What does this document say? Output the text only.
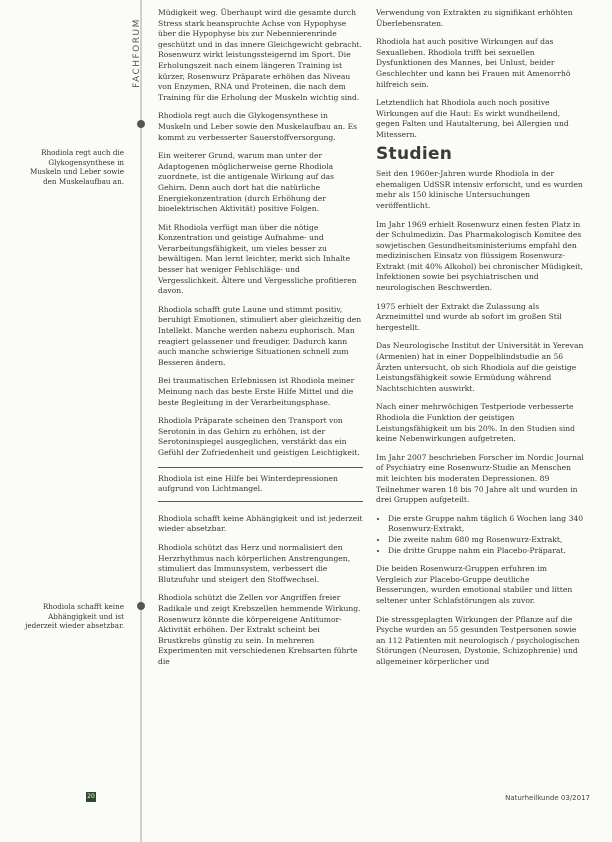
FACHFORUM
Rhodiola regt auch die Glykogensynthese in Muskeln und Leber sowie den Muskelaufbau an.
Rhodiola schafft keine Abhängigkeit und ist jederzeit wieder absetzbar.

Müdigkeit weg. Überhaupt wird die gesamte durch Stress stark beanspruchte Achse von Hypophyse über die Hypophyse bis zur Nebennierenrinde geschützt und in das innere Gleichgewicht gebracht. Rosenwurz wirkt leistungssteigernd im Sport. Die Erholungszeit nach einem längeren Training ist kürzer, Rosenwurz Präparate erhöhen das Niveau von Enzymen, RNA und Proteinen, die nach dem Training für die Erholung der Muskeln wichtig sind.

Rhodiola regt auch die Glykogensynthese in Muskeln und Leber sowie den Muskelaufbau an. Es kommt zu verbesserter Sauerstoffversorgung.

Ein weiterer Grund, warum man unter der Adaptogenen möglicherweise gerne Rhodiola zuordnete, ist die antigenale Wirkung auf das Gehirn. Denn auch dort hat die natürliche Energiekonzentration (durch Erhöhung der bioelektrischen Aktivität) positive Folgen.

Mit Rhodiola verfügt man über die nötige Konzentration und geistige Aufnahme- und Verarbeitungsfähigkeit, um vieles besser zu bewältigen. Man lernt leichter, merkt sich Inhalte besser hat weniger Fehlschläge- und Vergesslichkeit. Ältere und Vergessliche profitieren davon.

Rhodiola schafft gute Laune und stimmt positiv, beruhigt Emotionen, stimuliert aber gleichzeitig den Intellekt. Manche werden nahezu euphorisch. Man reagiert gelassener und freudiger. Dadurch kann auch manche schwierige Situationen schnell zum Besseren ändern.

Bei traumatischen Erlebnissen ist Rhodiola meiner Meinung nach das beste Erste Hilfe Mittel und die beste Begleitung in der Verarbeitungsphase.

Rhodiola Präparate scheinen den Transport von Serotonin in das Gehirn zu erhöhen, ist der Serotoninspiegel ausgeglichen, verstärkt das ein Gefühl der Zufriedenheit und geistigen Leichtigkeit.

Rhodiola ist eine Hilfe bei Winterdepressionen aufgrund von Lichtmangel.

Rhodiola schafft keine Abhängigkeit und ist jederzeit wieder absetzbar.

Rhodiola schützt das Herz und normalisiert den Herzrhythmus nach körperlichen Anstrengungen, stimuliert das Immunsystem, verbessert die Blutzufuhr und steigert den Stoffwechsel.

Rhodiola schützt die Zellen vor Angriffen freier Radikale und zeigt Krebszellen hemmende Wirkung. Rosenwurz könnte die körpereigene Antitumor-Aktivität erhöhen. Der Extrakt scheint bei Brustkrebs günstig zu sein. In mehreren Experimenten mit verschiedenen Krebsarten führte die

Verwendung von Extrakten zu signifikant erhöhten Überlebensraten.

Rhodiola hat auch positive Wirkungen auf das Sexualleben. Rhodiola trifft bei sexuellen Dysfunktionen des Mannes, bei Unlust, beider Geschlechter und kann bei Frauen mit Amenorrhö hilfreich sein.

Letztendlich hat Rhodiola auch noch positive Wirkungen auf die Haut: Es wirkt wundheilend, gegen Falten und Hautalterung, bei Allergien und Mitessern.

Studien

Seit den 1960er-Jahren wurde Rhodiola in der ehemaligen UdSSR intensiv erforscht, und es wurden mehr als 150 klinische Untersuchungen veröffentlicht.

Im Jahr 1969 erhielt Rosenwurz einen festen Platz in der Schulmedizin. Das Pharmakologisch Komitee des sowjetischen Gesundheitsministeriums empfahl den medizinischen Einsatz von flüssigem Rosenwurz-Extrakt (mit 40% Alkohol) bei chronischer Müdigkeit, Infektionen sowie bei psychiatrischen und neurologischen Beschwerden.

1975 erhielt der Extrakt die Zulassung als Arzneimittel und wurde ab sofort im großen Stil hergestellt.

Das Neurologische Institut der Universität in Yerevan (Armenien) hat in einer Doppelblindstudie an 56 Ärzten untersucht, ob sich Rhodiola auf die geistige Leistungsfähigkeit sowie Ermüdung während Nachtschichten auswirkt.

Nach einer mehrwöchigen Testperiode verbesserte Rhodiola die Funktion der geistigen Leistungsfähigkeit um bis 20%. In den Studien sind keine Nebenwirkungen aufgetreten.

Im Jahr 2007 beschrieben Forscher im Nordic Journal of Psychiatry eine Rosenwurz-Studie an Menschen mit leichten bis moderaten Depressionen. 89 Teilnehmer waren 18 bis 70 Jahre alt und wurden in drei Gruppen aufgeteilt.

• Die erste Gruppe nahm täglich 6 Wochen lang 340 Rosenwurz-Extrakt,
• Die zweite nahm 680 mg Rosenwurz-Extrakt,
• Die dritte Gruppe nahm ein Placebo-Präparat.

Die beiden Rosenwurz-Gruppen erfuhren im Vergleich zur Placebo-Gruppe deutliche Besserungen, wurden emotional stabiler und litten seltener unter Schlafstörungen als zuvor.

Die stressgeplagten Wirkungen der Pflanze auf die Psyche wurden an 55 gesunden Testpersonen sowie an 112 Patienten mit neurologisch / psychologischen Störungen (Neurosen, Dystonie, Schizophrenie) und allgemeiner körperlicher und

20	Naturheilkunde 03/2017
